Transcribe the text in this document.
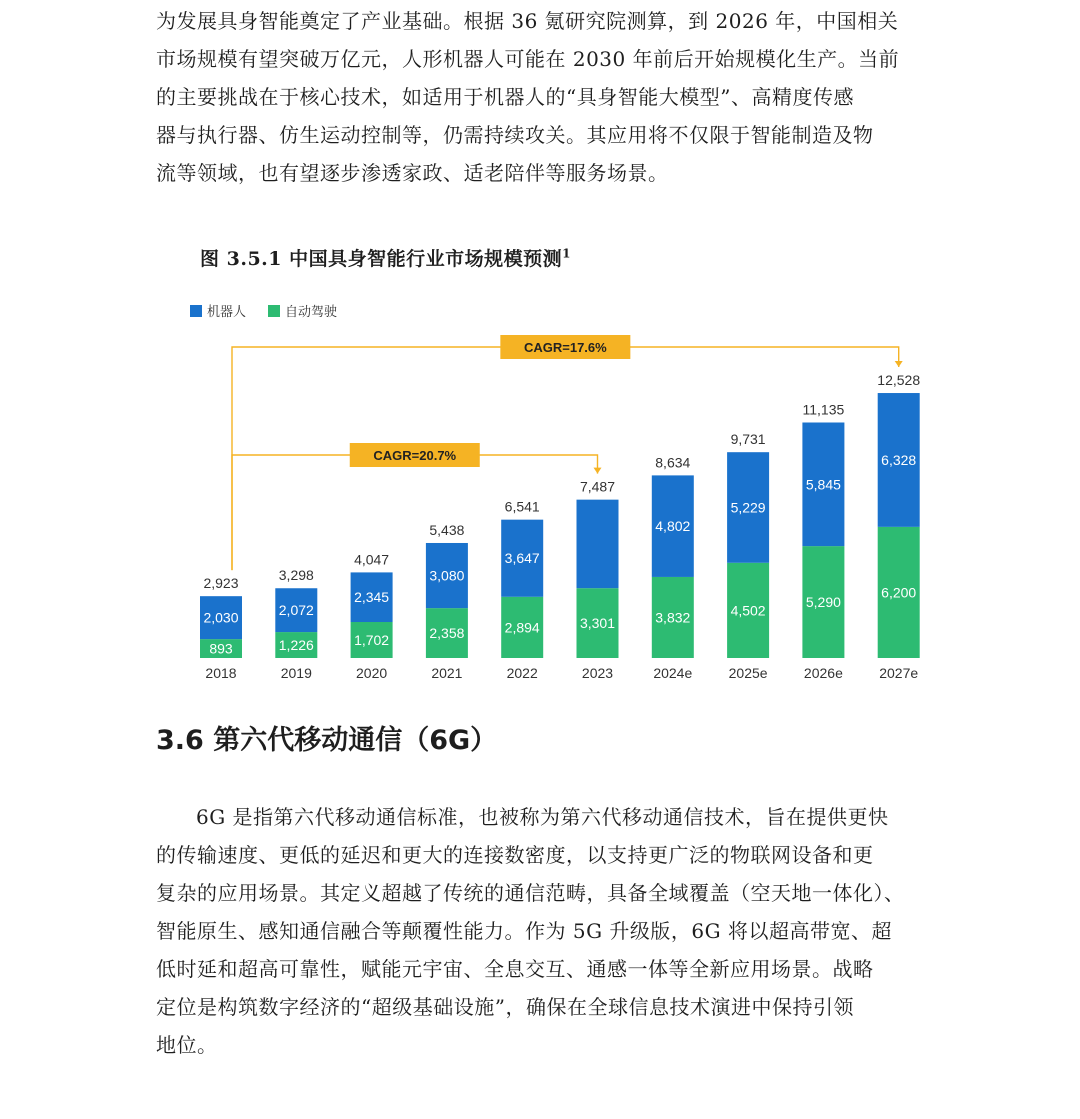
为发展具身智能奠定了产业基础。根据 36 氪研究院测算，到 2026 年，中国相关
市场规模有望突破万亿元，人形机器人可能在 2030 年前后开始规模化生产。当前
的主要挑战在于核心技术，如适用于机器人的“具身智能大模型”、高精度传感
器与执行器、仿生运动控制等，仍需持续攻关。其应用将不仅限于智能制造及物
流等领域，也有望逐步渗透家政、适老陪伴等服务场景。

图 3.5.1 中国具身智能行业市场规模预测$^1$

机器人	自动驾驶
CAGR=20.7%
CAGR=17.6%
893
2,030
2,923
2018
1,226
2,072
3,298
2019
1,702
2,345
4,047
2020
2,358
3,080
5,438
2021
2,894
3,647
6,541
2022
3,301
7,487
2023
3,832
4,802
8,634
2024e
4,502
5,229
9,731
2025e
5,290
5,845
11,135
2026e
6,200
6,328
12,528
2027e
3.6 第六代移动通信（6G）
6G 是指第六代移动通信标准，也被称为第六代移动通信技术，旨在提供更快
的传输速度、更低的延迟和更大的连接数密度，以支持更广泛的物联网设备和更
复杂的应用场景。其定义超越了传统的通信范畴，具备全域覆盖（空天地一体化）、
智能原生、感知通信融合等颠覆性能力。作为 5G 升级版，6G 将以超高带宽、超
低时延和超高可靠性，赋能元宇宙、全息交互、通感一体等全新应用场景。战略
定位是构筑数字经济的“超级基础设施”，确保在全球信息技术演进中保持引领
地位。
